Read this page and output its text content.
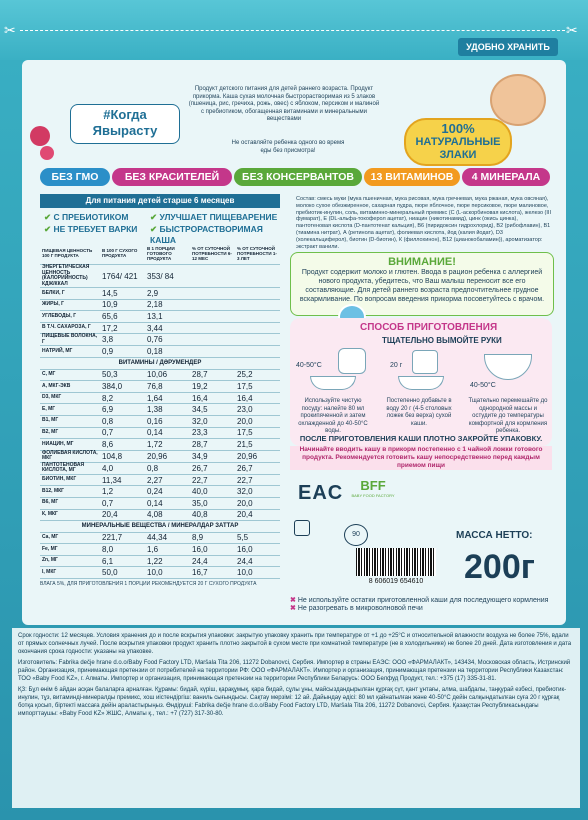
✂	✂
УДОБНО ХРАНИТЬ
#Когда
Явырасту
Продукт детского питания для детей раннего возраста. Продукт прикорма. Каша сухая молочная быстрорастворимая из 5 злаков (пшеница, рис, гречиха, рожь, овес) с яблоком, персиком и малиной с пребиотиком, обогащенная витаминами и минеральными веществами
Не оставляйте ребенка одного во время еды без присмотра!
100%
НАТУРАЛЬНЫЕ
ЗЛАКИ
БЕЗ ГМО	БЕЗ КРАСИТЕЛЕЙ	БЕЗ КОНСЕРВАНТОВ	13 ВИТАМИНОВ	4 МИНЕРАЛА
Для питания детей старше 6 месяцев
✔ С ПРЕБИОТИКОМ
✔ НЕ ТРЕБУЕТ ВАРКИ
✔ УЛУЧШАЕТ ПИЩЕВАРЕНИЕ
✔ БЫСТРОРАСТВОРИМАЯ КАША
Состав: смесь муки (мука пшеничная, мука рисовая, мука гречневая, мука ржаная, мука овсяная), молоко сухое обезжиренное, сахарная пудра, пюре яблочное, пюре персиковое, пюре малиновое, пребиотик-инулин, соль, витаминно-минеральный премикс (С (L-аскорбиновая кислота), железо (III фумарат), Е (DL-альфа-токоферол ацетат), ниацин (никотинамид), цинк (окись цинка), пантотеновая кислота (D-пантотенат кальция), В6 (пиридоксин гидрохлорид), В2 (рибофлавин), В1 (тиамина нитрат), А (ретинола ацетат), фолиевая кислота, йод (калия йодат), D3 (холекальциферол), биотин (D-биотин), К (филлохинон), В12 (цианокобаламин)), ароматизатор: экстракт ванили.
ПИЩЕВАЯ ЦЕННОСТЬ 100 Г ПРОДУКТА	В 100 Г СУХОГО ПРОДУКТА	В 1 ПОРЦИИ ГОТОВОГО ПРОДУКТА	% ОТ СУТОЧНОЙ ПОТРЕБНОСТИ 6-12 МЕС	% ОТ СУТОЧНОЙ ПОТРЕБНОСТИ 1-3 ЛЕТ
ЭНЕРГЕТИЧЕСКАЯ ЦЕННОСТЬ (КАЛОРИЙНОСТЬ) КДЖ/ККАЛ	1764/ 421	353/ 84		
БЕЛКИ, Г	14,5	2,9		
ЖИРЫ, Г	10,9	2,18		
УГЛЕВОДЫ, Г	65,6	13,1		
В Т.Ч. САХАРОЗА, Г	17,2	3,44		
ПИЩЕВЫЕ ВОЛОКНА, Г	3,8	0,76		
НАТРИЙ, МГ	0,9	0,18		
ВИТАМИНЫ / ДӘРУМЕНДЕР				
С, МГ	50,3	10,06	28,7	25,2
А, МКГ-ЭКВ	384,0	76,8	19,2	17,5
D3, МКГ	8,2	1,64	16,4	16,4
Е, МГ	6,9	1,38	34,5	23,0
В1, МГ	0,8	0,16	32,0	20,0
В2, МГ	0,7	0,14	23,3	17,5
НИАЦИН, МГ	8,6	1,72	28,7	21,5
ФОЛИЕВАЯ КИСЛОТА, МКГ	104,8	20,96	34,9	20,96
ПАНТОТЕНОВАЯ КИСЛОТА, МГ	4,0	0,8	26,7	26,7
БИОТИН, МКГ	11,34	2,27	22,7	22,7
В12, МКГ	1,2	0,24	40,0	32,0
В6, МГ	0,7	0,14	35,0	20,0
К, МКГ	20,4	4,08	40,8	20,4
МИНЕРАЛЬНЫЕ ВЕЩЕСТВА / МИНЕРАЛДАР ЗАТТАР				
Са, МГ	221,7	44,34	8,9	5,5
Fe, МГ	8,0	1,6	16,0	16,0
Zn, МГ	6,1	1,22	24,4	24,4
I, МКГ	50,0	10,0	16,7	10,0
ВЛАГА 5%, ДЛЯ ПРИГОТОВЛЕНИЯ 1 ПОРЦИИ РЕКОМЕНДУЕТСЯ 20 Г СУХОГО ПРОДУКТА
ВНИМАНИЕ!
Продукт содержит молоко и глютен. Ввода в рацион ребенка с аллергией нового продукта, убедитесь, что Ваш малыш переносит все его составляющие. Для детей раннего возраста предпочтительнее грудное вскармливание. По вопросам введения прикорма посоветуйтесь с врачом.
СПОСОБ ПРИГОТОВЛЕНИЯ
ТЩАТЕЛЬНО ВЫМОЙТЕ РУКИ
40-50°С	20 г
40-50°С
Используйте чистую посуду: налейте 80 мл прокипяченной и затем охлажденной до 40-50°С воды.
Постепенно добавьте в воду 20 г (4-5 столовых ложек без верха) сухой каши.
Тщательно перемешайте до однородной массы и остудите до температуры комфортной для кормления ребенка.
ПОСЛЕ ПРИГОТОВЛЕНИЯ КАШИ ПЛОТНО ЗАКРОЙТЕ УПАКОВКУ.
Начинайте вводить кашу в прикорм постепенно с 1 чайной ложки готового продукта. Рекомендуется готовить кашу непосредственно перед каждым приемом пищи
EAC	BFF
BABY FOOD FACTORY
90	МАССА НЕТТО:
200г
8 606019 654610
✖ Не используйте остатки приготовленной каши для последующего кормления
✖ Не разогревать в микроволновой печи
Срок годности: 12 месяцев. Условия хранения до и после вскрытия упаковки: закрытую упаковку хранить при температуре от +1 до +25°С и относительной влажности воздуха не более 75%, вдали от прямых солнечных лучей. После вскрытия упаковки продукт хранить плотно закрытой в сухом месте при комнатной температуре (не в холодильнике) не более 20 дней. Дата изготовления и дата окончания срока годности: указаны на упаковке.
Изготовитель: Fabrika dečje hrane d.o.o/Baby Food Factory LTD, Maršala Tita 206, 11272 Dobanovci, Сербия. Импортер в страны ЕАЭС: ООО «ФАРМАЛАКТ», 143434, Московская область, Истринский район. Организация, принимающая претензии от потребителей на территории РФ: ООО «ФАРМАЛАКТ». Импортер и организация, принимающая претензии на территории Республики Казахстан: ТОО «Baby Food KZ», г. Алматы. Импортер и организация, принимающая претензии на территории Республики Беларусь: ООО Белфуд Продукт, тел.: +375 (17) 335-31-81.
ҚЗ: Бұл өнім 6 айдан асқан балаларға арналған. Құрамы: бидай, күріш, қарақұмық, қара бидай, сұлы ұны, майсыздандырылған құрғақ сүт, қант ұнтағы, алма, шабдалы, таңқурай езбесі, пребиотик-инулин, тұз, витаминді-минералды премикс, хош иістендіргіш: ваниль сығындысы. Сақтау мерзімі: 12 ай. Дайындау әдісі: 80 мл қайнатылған және 40-50°С дейін салқындатылған суға 20 г құрғақ ботқа қосып, біртекті массаға дейін араластырыңыз. Өндіруші: Fabrika dečje hrane d.o.o/Baby Food Factory LTD, Maršala Tita 206, 11272 Dobanovci, Сербия. Қазақстан Республикасындағы импорттаушы: «Baby Food KZ» ЖШС, Алматы қ., тел.: +7 (727) 317-30-80.
